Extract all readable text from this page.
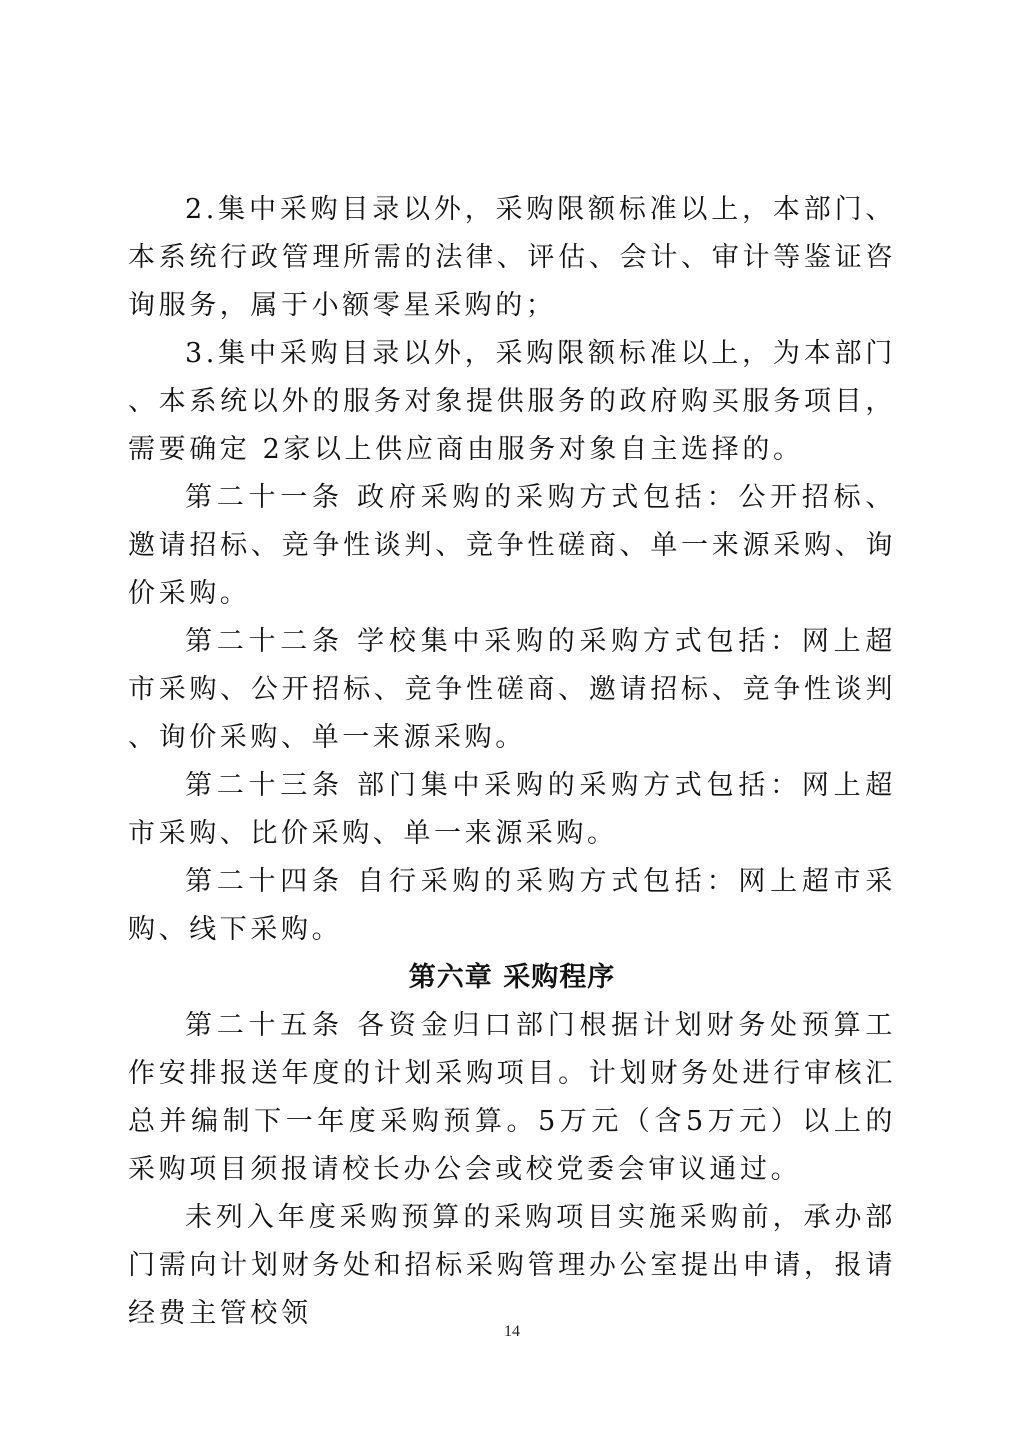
2.集中采购目录以外，采购限额标准以上，本部门、本系统行政管理所需的法律、评估、会计、审计等鉴证咨询服务，属于小额零星采购的；

3.集中采购目录以外，采购限额标准以上，为本部门、本系统以外的服务对象提供服务的政府购买服务项目，需要确定 2家以上供应商由服务对象自主选择的。

第二十一条 政府采购的采购方式包括：公开招标、邀请招标、竞争性谈判、竞争性磋商、单一来源采购、询价采购。

第二十二条 学校集中采购的采购方式包括：网上超市采购、公开招标、竞争性磋商、邀请招标、竞争性谈判、询价采购、单一来源采购。

第二十三条 部门集中采购的采购方式包括：网上超市采购、比价采购、单一来源采购。

第二十四条 自行采购的采购方式包括：网上超市采购、线下采购。

第六章 采购程序

第二十五条 各资金归口部门根据计划财务处预算工作安排报送年度的计划采购项目。计划财务处进行审核汇总并编制下一年度采购预算。5万元（含5万元）以上的采购项目须报请校长办公会或校党委会审议通过。

未列入年度采购预算的采购项目实施采购前，承办部门需向计划财务处和招标采购管理办公室提出申请，报请经费主管校领

14
